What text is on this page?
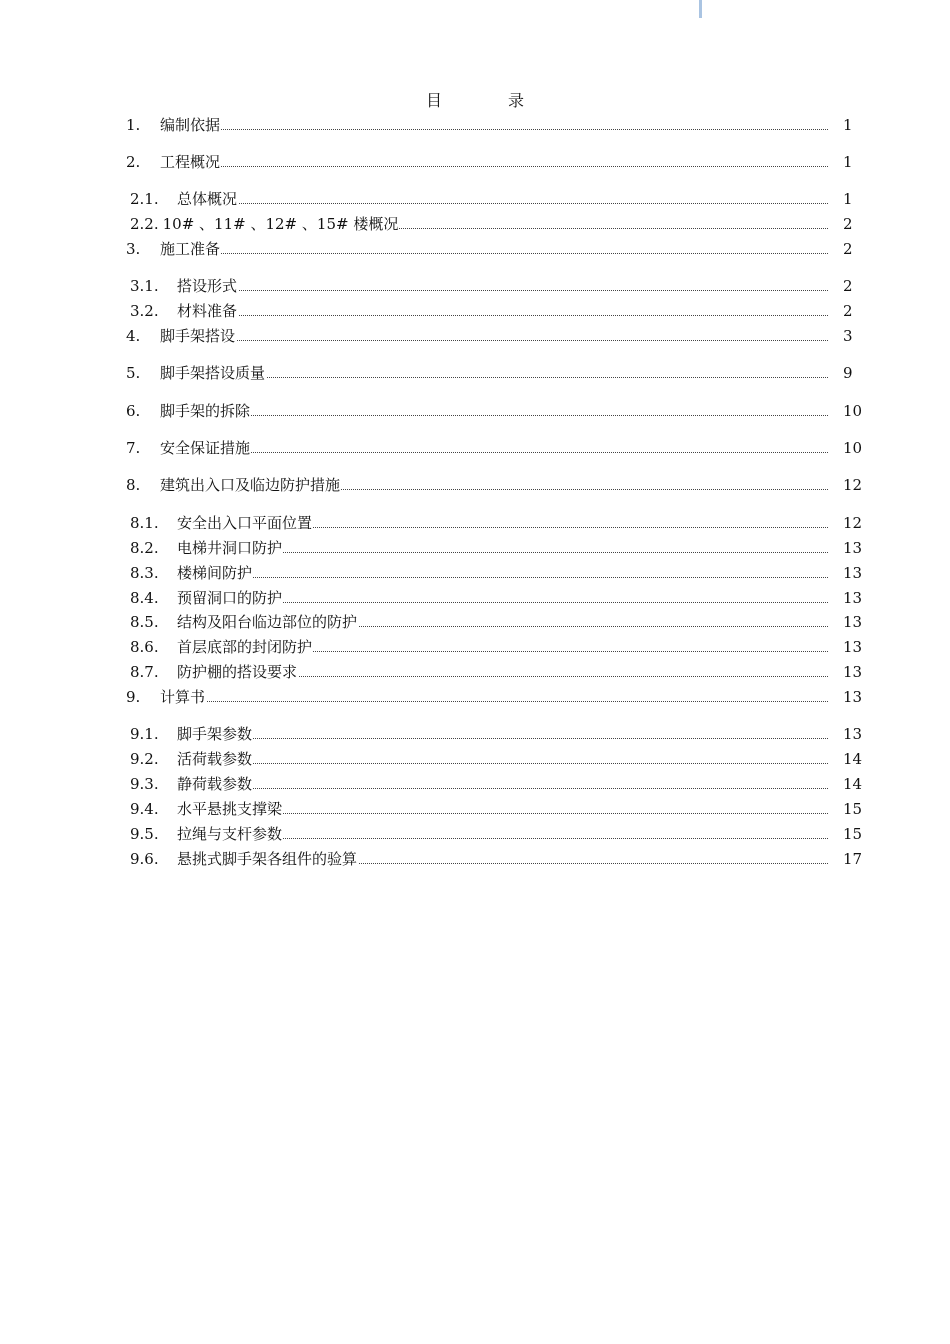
目	录
1. 编制依据	1
2. 工程概况	1
2.1. 总体概况	1
2.2. 10# 、11# 、12# 、15# 楼概况	2
3. 施工准备	2
3.1. 搭设形式	2
3.2. 材料准备	2
4. 脚手架搭设	3
5. 脚手架搭设质量	9
6. 脚手架的拆除	10
7. 安全保证措施	10
8. 建筑出入口及临边防护措施	12
8.1. 安全出入口平面位置	12
8.2. 电梯井洞口防护	13
8.3. 楼梯间防护	13
8.4. 预留洞口的防护	13
8.5. 结构及阳台临边部位的防护	13
8.6. 首层底部的封闭防护	13
8.7. 防护棚的搭设要求	13
9. 计算书	13
9.1. 脚手架参数	13
9.2. 活荷载参数	14
9.3. 静荷载参数	14
9.4. 水平悬挑支撑梁	15
9.5. 拉绳与支杆参数	15
9.6. 悬挑式脚手架各组件的验算	17
